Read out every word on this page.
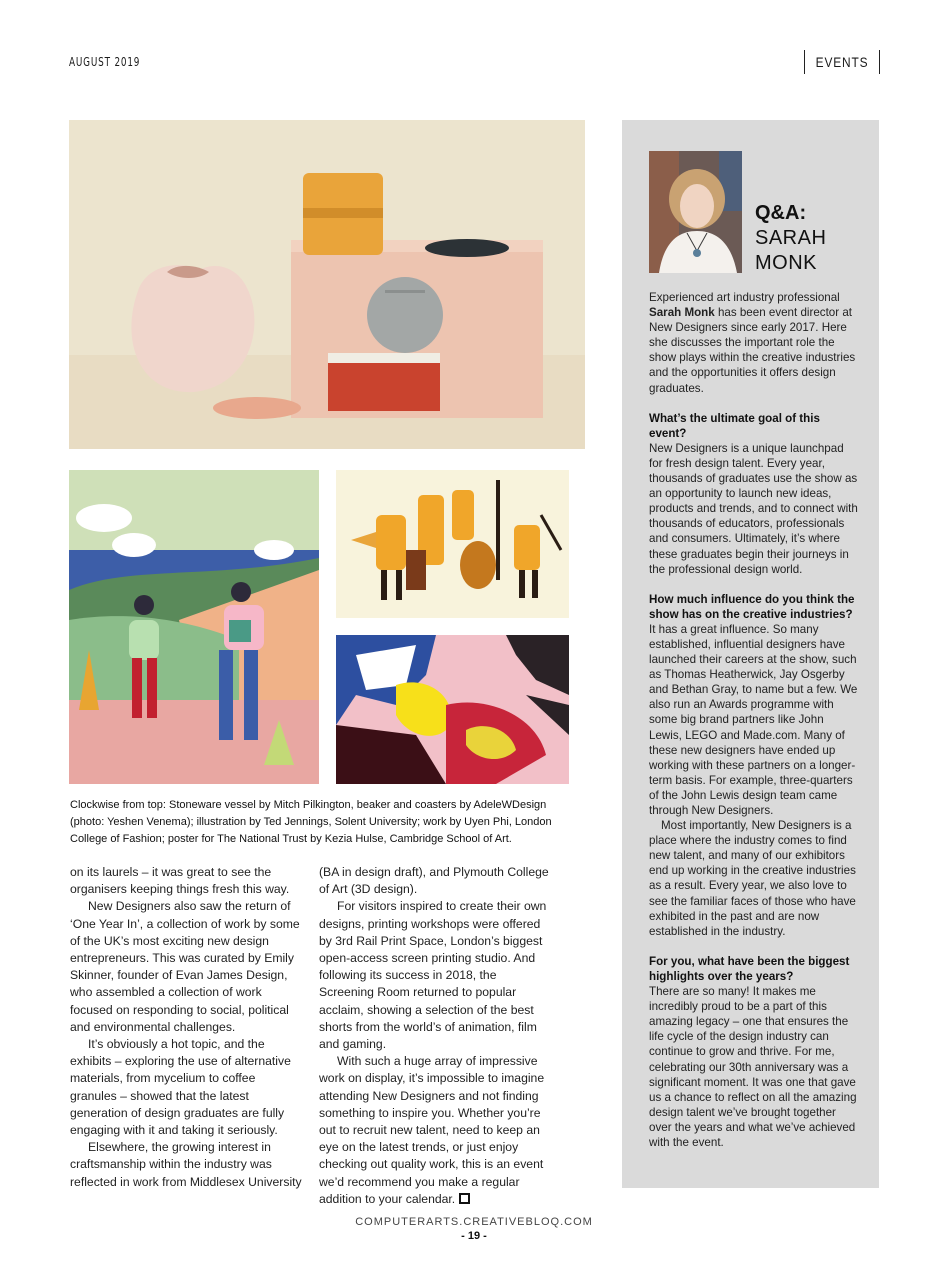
AUGUST 2019	EVENTS
Clockwise from top: Stoneware vessel by Mitch Pilkington, beaker and coasters by AdeleWDesign (photo: Yeshen Venema); illustration by Ted Jennings, Solent University; work by Uyen Phi, London College of Fashion; poster for The National Trust by Kezia Hulse, Cambridge School of Art.

on its laurels – it was great to see the organisers keeping things fresh this way.

New Designers also saw the return of ‘One Year In’, a collection of work by some of the UK’s most exciting new design entrepreneurs. This was curated by Emily Skinner, founder of Evan James Design, who assembled a collection of work focused on responding to social, political and environmental challenges.

It’s obviously a hot topic, and the exhibits – exploring the use of alternative materials, from mycelium to coffee granules – showed that the latest generation of design graduates are fully engaging with it and taking it seriously.

Elsewhere, the growing interest in craftsmanship within the industry was reflected in work from Middlesex University

(BA in design draft), and Plymouth College of Art (3D design).

For visitors inspired to create their own designs, printing workshops were offered by 3rd Rail Print Space, London’s biggest open-access screen printing studio. And following its success in 2018, the Screening Room returned to popular acclaim, showing a selection of the best shorts from the world’s of animation, film and gaming.

With such a huge array of impressive work on display, it’s impossible to imagine attending New Designers and not finding something to inspire you. Whether you’re out to recruit new talent, need to keep an eye on the latest trends, or just enjoy checking out quality work, this is an event we’d recommend you make a regular addition to your calendar.

Q&A:
SARAH
MONK

Experienced art industry professional Sarah Monk has been event director at New Designers since early 2017. Here she discusses the important role the show plays within the creative industries and the opportunities it offers design graduates.

What’s the ultimate goal of this event?

New Designers is a unique launchpad for fresh design talent. Every year, thousands of graduates use the show as an opportunity to launch new ideas, products and trends, and to connect with thousands of educators, professionals and consumers. Ultimately, it’s where these graduates begin their journeys in the professional design world.

How much influence do you think the show has on the creative industries?

It has a great influence. So many established, influential designers have launched their careers at the show, such as Thomas Heatherwick, Jay Osgerby and Bethan Gray, to name but a few. We also run an Awards programme with some big brand partners like John Lewis, LEGO and Made.com. Many of these new designers have ended up working with these partners on a longer-term basis. For example, three-quarters of the John Lewis design team came through New Designers.

Most importantly, New Designers is a place where the industry comes to find new talent, and many of our exhibitors end up working in the creative industries as a result. Every year, we also love to see the familiar faces of those who have exhibited in the past and are now established in the industry.

For you, what have been the biggest highlights over the years?

There are so many! It makes me incredibly proud to be a part of this amazing legacy – one that ensures the life cycle of the design industry can continue to grow and thrive. For me, celebrating our 30th anniversary was a significant moment. It was one that gave us a chance to reflect on all the amazing design talent we’ve brought together over the years and what we’ve achieved with the event.

COMPUTERARTS.CREATIVEBLOQ.COM
- 19 -
